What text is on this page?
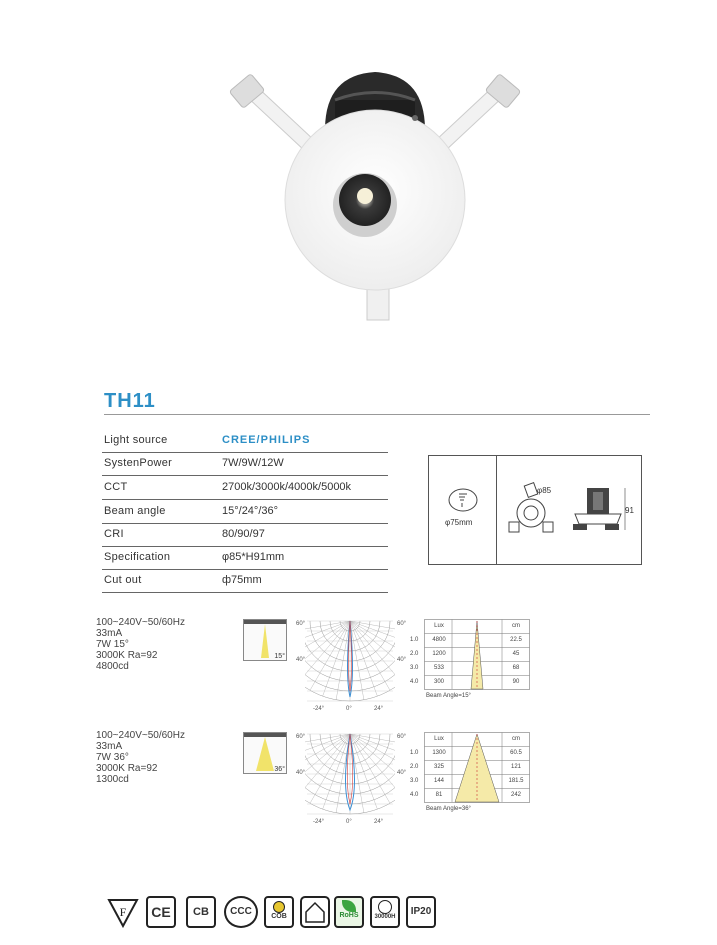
TH11
Light source	CREE/PHILIPS
SystenPower	7W/9W/12W
CCT	2700k/3000k/4000k/5000k
Beam angle	15°/24°/36°
CRI	80/90/97
Specification	φ85*H91mm
Cut out	ф75mm
φ75mm
φ85
91
100~240V~50/60Hz
33mA
7W 15°
3000K Ra=92
4800cd
15°
60°	60°
40°	40°
-24°	0°	24°
Lux	cm
1.0	4800	22.5
2.0	1200	45
3.0	533	68
4.0	300	90
Beam Angle=15°
100~240V~50/60Hz
33mA
7W 36°
3000K Ra=92
1300cd
36°
60°	60°
40°	40°
-24°	0°	24°
Lux	cm
1.0	1300	60.5
2.0	325	121
3.0	144	181.5
4.0	81	242
Beam Angle=36°
F	CE	CB	CCC	COB	RoHS	30000H	IP20
